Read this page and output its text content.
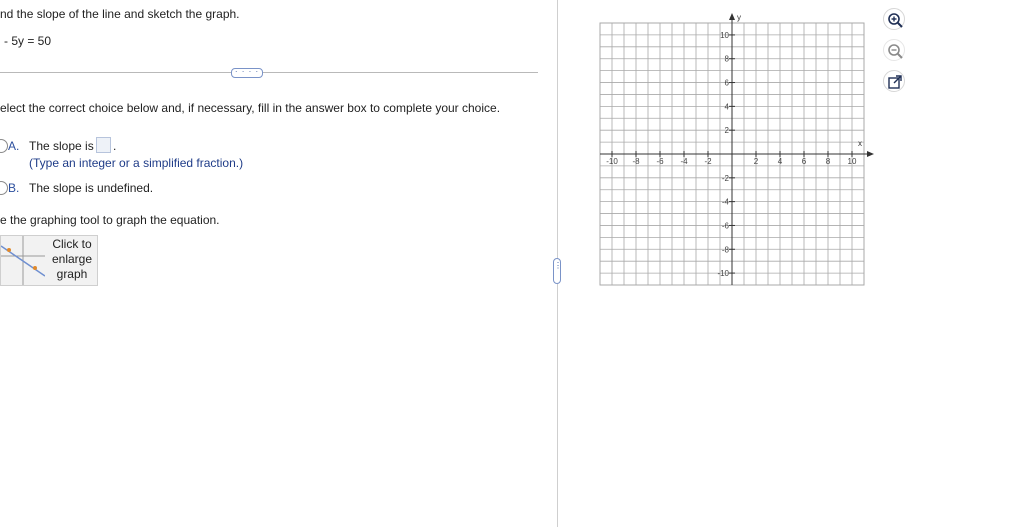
nd the slope of the line and sketch the graph.
- 5y = 50
· · · ·
elect the correct choice below and, if necessary, fill in the answer box to complete your choice.
A. The slope is .
(Type an integer or a simplified fraction.)
B. The slope is undefined.
e the graphing tool to graph the equation.
Click to
enlarge
graph
⋮
x
y
-10 -8 -6 -4 -2	2 4 6 8 10
10
8
6
4
2
-2
-4
-6
-8
-10
